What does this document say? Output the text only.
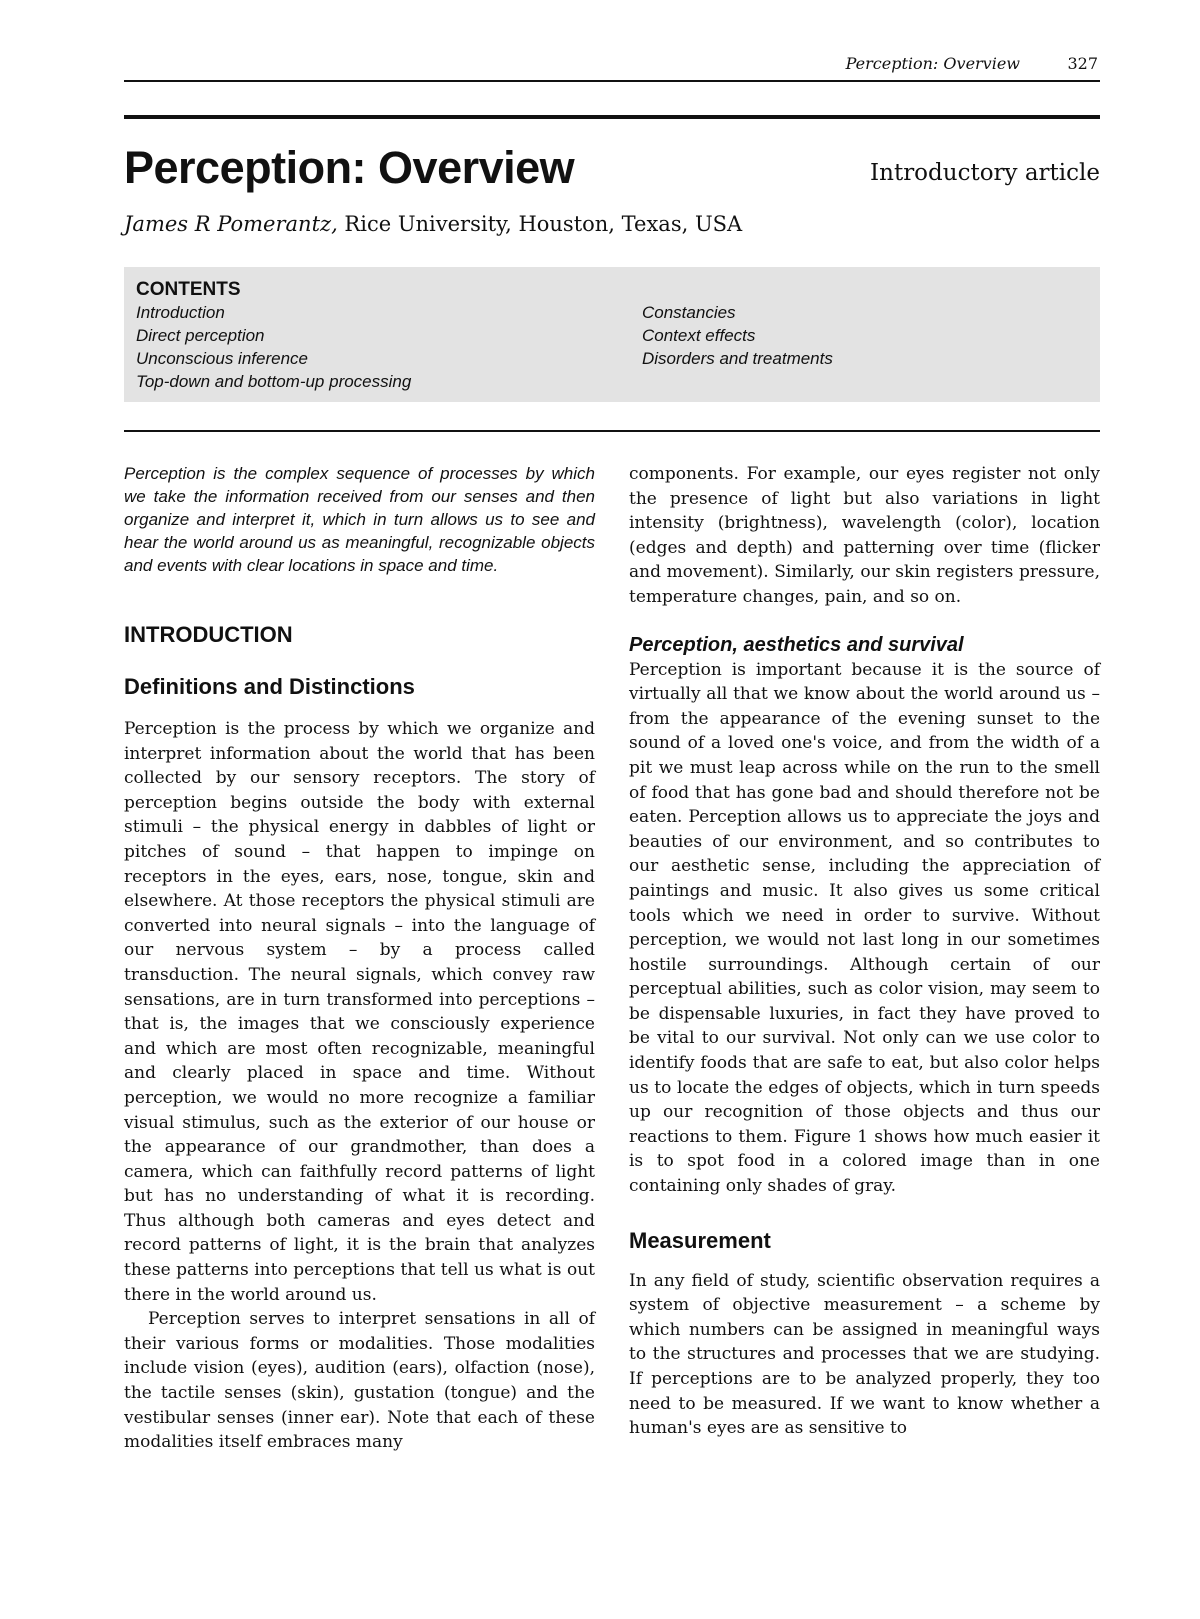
Perception: Overview	327
Perception: Overview	Introductory article
James R Pomerantz, Rice University, Houston, Texas, USA
CONTENTS
Introduction
Direct perception
Unconscious inference
Top-down and bottom-up processing
Constancies
Context effects
Disorders and treatments

Perception is the complex sequence of processes by which we take the information received from our senses and then organize and interpret it, which in turn allows us to see and hear the world around us as meaningful, recognizable objects and events with clear locations in space and time.

INTRODUCTION
Definitions and Distinctions

Perception is the process by which we organize and interpret information about the world that has been collected by our sensory receptors. The story of perception begins outside the body with external stimuli – the physical energy in dabbles of light or pitches of sound – that happen to impinge on receptors in the eyes, ears, nose, tongue, skin and elsewhere. At those receptors the physical stimuli are converted into neural signals – into the language of our nervous system – by a process called transduction. The neural signals, which convey raw sensations, are in turn transformed into perceptions – that is, the images that we consciously experience and which are most often recognizable, meaningful and clearly placed in space and time. Without perception, we would no more recognize a familiar visual stimulus, such as the exterior of our house or the appearance of our grandmother, than does a camera, which can faithfully record patterns of light but has no understanding of what it is recording. Thus although both cameras and eyes detect and record patterns of light, it is the brain that analyzes these patterns into perceptions that tell us what is out there in the world around us.

Perception serves to interpret sensations in all of their various forms or modalities. Those modalities include vision (eyes), audition (ears), olfaction (nose), the tactile senses (skin), gustation (tongue) and the vestibular senses (inner ear). Note that each of these modalities itself embraces many

components. For example, our eyes register not only the presence of light but also variations in light intensity (brightness), wavelength (color), location (edges and depth) and patterning over time (flicker and movement). Similarly, our skin registers pressure, temperature changes, pain, and so on.

Perception, aesthetics and survival

Perception is important because it is the source of virtually all that we know about the world around us – from the appearance of the evening sunset to the sound of a loved one's voice, and from the width of a pit we must leap across while on the run to the smell of food that has gone bad and should therefore not be eaten. Perception allows us to appreciate the joys and beauties of our environment, and so contributes to our aesthetic sense, including the appreciation of paintings and music. It also gives us some critical tools which we need in order to survive. Without perception, we would not last long in our sometimes hostile surroundings. Although certain of our perceptual abilities, such as color vision, may seem to be dispensable luxuries, in fact they have proved to be vital to our survival. Not only can we use color to identify foods that are safe to eat, but also color helps us to locate the edges of objects, which in turn speeds up our recognition of those objects and thus our reactions to them. Figure 1 shows how much easier it is to spot food in a colored image than in one containing only shades of gray.

Measurement

In any field of study, scientific observation requires a system of objective measurement – a scheme by which numbers can be assigned in meaningful ways to the structures and processes that we are studying. If perceptions are to be analyzed properly, they too need to be measured. If we want to know whether a human's eyes are as sensitive to
